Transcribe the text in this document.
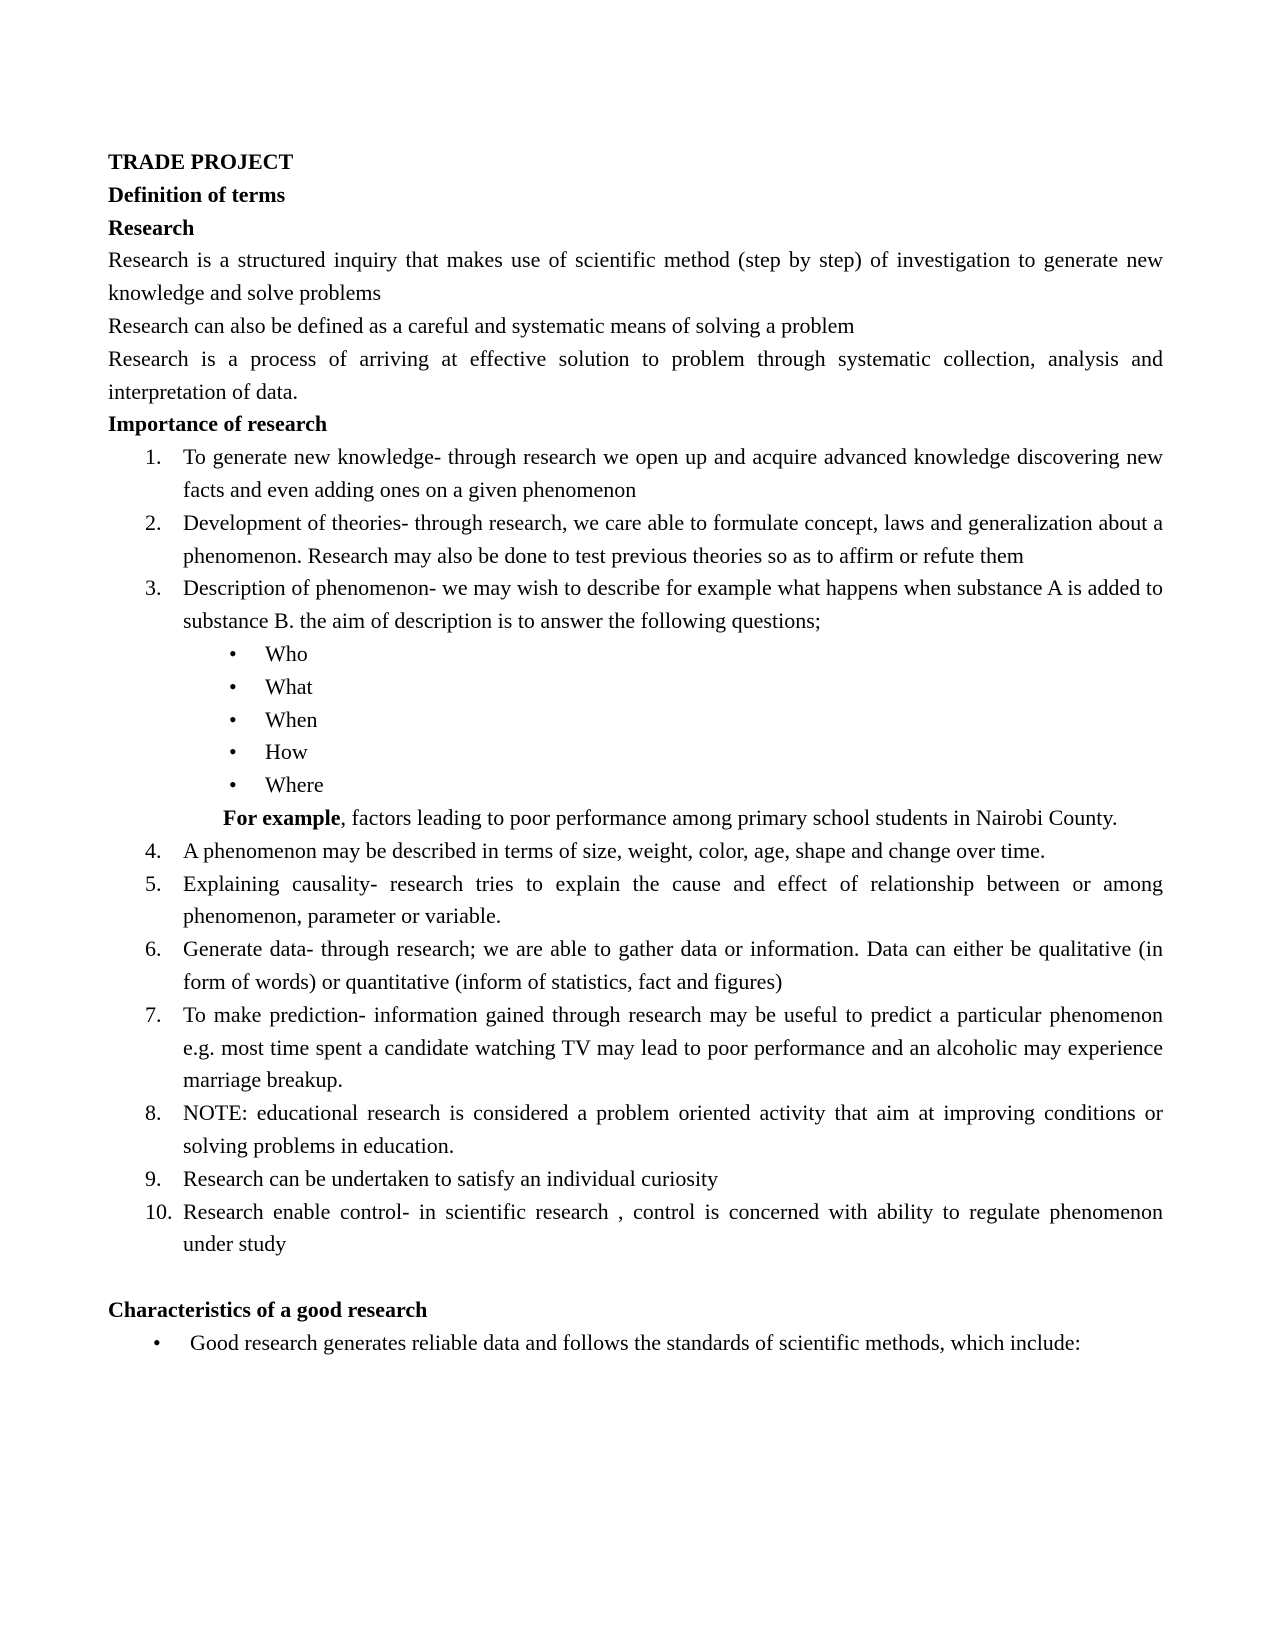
TRADE PROJECT
Definition of terms
Research

Research is a structured inquiry that makes use of scientific method (step by step) of investigation to generate new knowledge and solve problems

Research can also be defined as a careful and systematic means of solving a problem

Research is a process of arriving at effective solution to problem through systematic collection, analysis and interpretation of data.

Importance of research
1. To generate new knowledge- through research we open up and acquire advanced knowledge discovering new facts and even adding ones on a given phenomenon
2. Development of theories- through research, we care able to formulate concept, laws and generalization about a phenomenon. Research may also be done to test previous theories so as to affirm or refute them
3. Description of phenomenon- we may wish to describe for example what happens when substance A is added to substance B. the aim of description is to answer the following questions;
• Who
• What
• When
• How
• Where

For example, factors leading to poor performance among primary school students in Nairobi County.

4. A phenomenon may be described in terms of size, weight, color, age, shape and change over time.
5. Explaining causality- research tries to explain the cause and effect of relationship between or among phenomenon, parameter or variable.
6. Generate data- through research; we are able to gather data or information. Data can either be qualitative (in form of words) or quantitative (inform of statistics, fact and figures)
7. To make prediction- information gained through research may be useful to predict a particular phenomenon e.g. most time spent a candidate watching TV may lead to poor performance and an alcoholic may experience marriage breakup.
8. NOTE: educational research is considered a problem oriented activity that aim at improving conditions or solving problems in education.
9. Research can be undertaken to satisfy an individual curiosity
10. Research enable control- in scientific research , control is concerned with ability to regulate phenomenon under study
Characteristics of a good research
• Good research generates reliable data and follows the standards of scientific methods, which include:
